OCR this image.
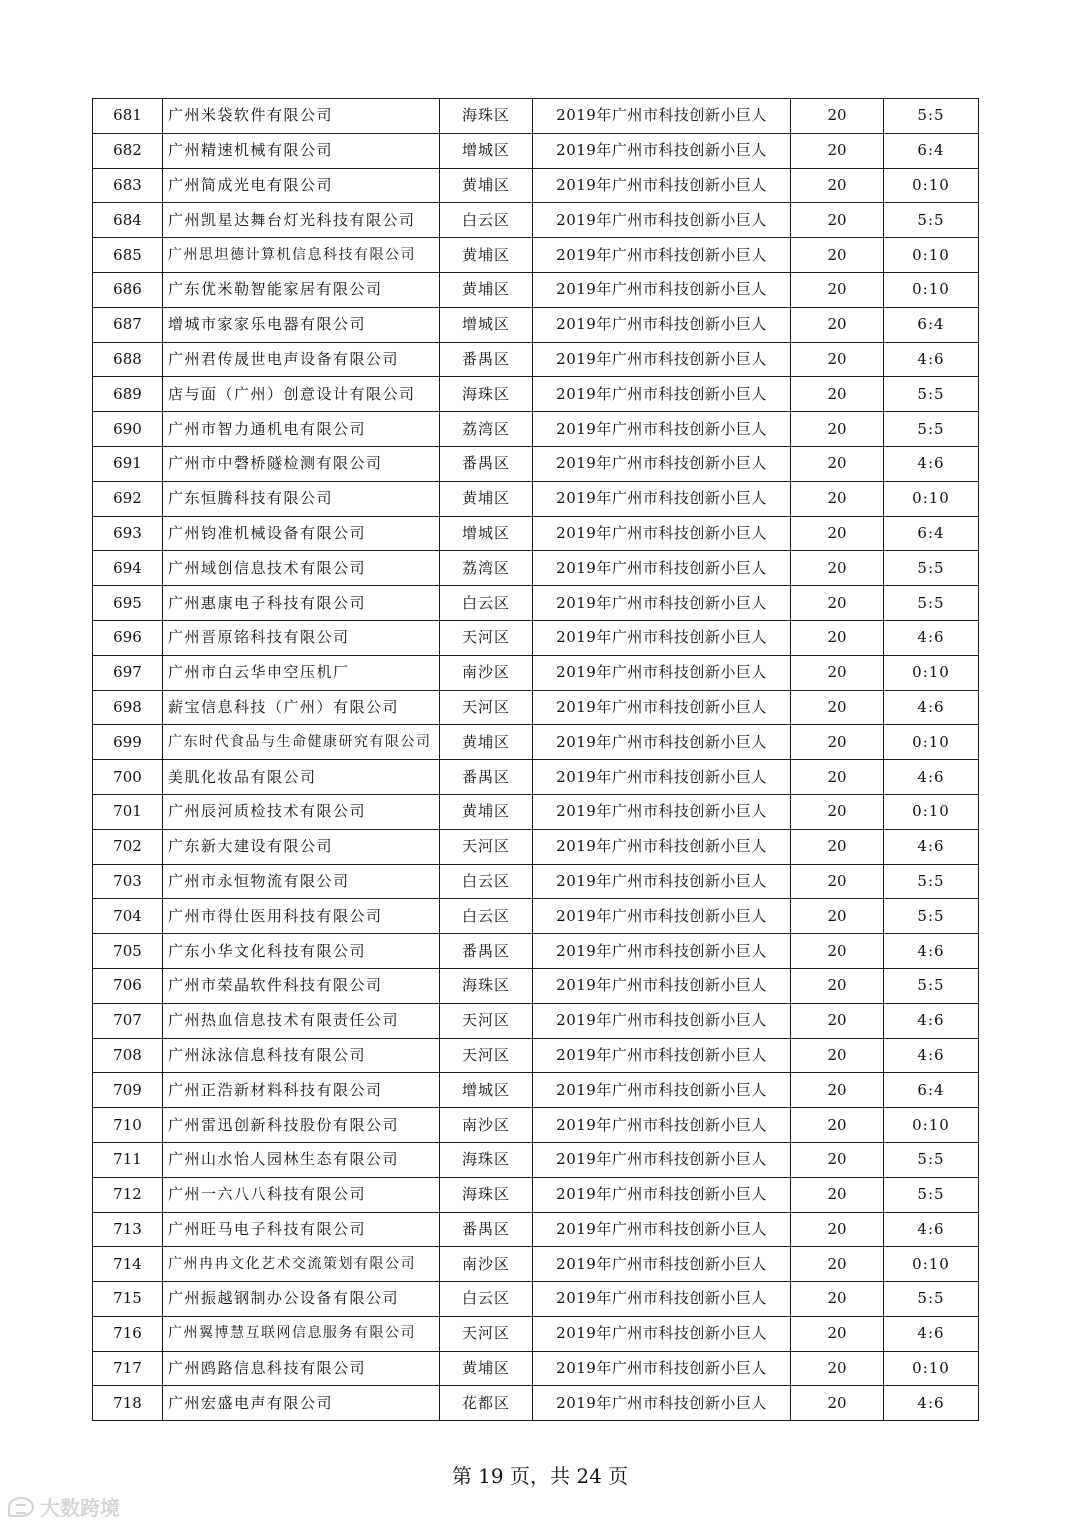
681	广州米袋软件有限公司	海珠区	2019年广州市科技创新小巨人	20	5:5
682	广州精速机械有限公司	增城区	2019年广州市科技创新小巨人	20	6:4
683	广州简成光电有限公司	黄埔区	2019年广州市科技创新小巨人	20	0:10
684	广州凯星达舞台灯光科技有限公司	白云区	2019年广州市科技创新小巨人	20	5:5
685	广州思坦德计算机信息科技有限公司	黄埔区	2019年广州市科技创新小巨人	20	0:10
686	广东优米勒智能家居有限公司	黄埔区	2019年广州市科技创新小巨人	20	0:10
687	增城市家家乐电器有限公司	增城区	2019年广州市科技创新小巨人	20	6:4
688	广州君传晟世电声设备有限公司	番禺区	2019年广州市科技创新小巨人	20	4:6
689	店与面（广州）创意设计有限公司	海珠区	2019年广州市科技创新小巨人	20	5:5
690	广州市智力通机电有限公司	荔湾区	2019年广州市科技创新小巨人	20	5:5
691	广州市中磬桥隧检测有限公司	番禺区	2019年广州市科技创新小巨人	20	4:6
692	广东恒腾科技有限公司	黄埔区	2019年广州市科技创新小巨人	20	0:10
693	广州钧准机械设备有限公司	增城区	2019年广州市科技创新小巨人	20	6:4
694	广州域创信息技术有限公司	荔湾区	2019年广州市科技创新小巨人	20	5:5
695	广州惠康电子科技有限公司	白云区	2019年广州市科技创新小巨人	20	5:5
696	广州晋原铭科技有限公司	天河区	2019年广州市科技创新小巨人	20	4:6
697	广州市白云华申空压机厂	南沙区	2019年广州市科技创新小巨人	20	0:10
698	薪宝信息科技（广州）有限公司	天河区	2019年广州市科技创新小巨人	20	4:6
699	广东时代食品与生命健康研究有限公司	黄埔区	2019年广州市科技创新小巨人	20	0:10
700	美肌化妆品有限公司	番禺区	2019年广州市科技创新小巨人	20	4:6
701	广州辰河质检技术有限公司	黄埔区	2019年广州市科技创新小巨人	20	0:10
702	广东新大建设有限公司	天河区	2019年广州市科技创新小巨人	20	4:6
703	广州市永恒物流有限公司	白云区	2019年广州市科技创新小巨人	20	5:5
704	广州市得仕医用科技有限公司	白云区	2019年广州市科技创新小巨人	20	5:5
705	广东小华文化科技有限公司	番禺区	2019年广州市科技创新小巨人	20	4:6
706	广州市荣晶软件科技有限公司	海珠区	2019年广州市科技创新小巨人	20	5:5
707	广州热血信息技术有限责任公司	天河区	2019年广州市科技创新小巨人	20	4:6
708	广州泳泳信息科技有限公司	天河区	2019年广州市科技创新小巨人	20	4:6
709	广州正浩新材料科技有限公司	增城区	2019年广州市科技创新小巨人	20	6:4
710	广州雷迅创新科技股份有限公司	南沙区	2019年广州市科技创新小巨人	20	0:10
711	广州山水怡人园林生态有限公司	海珠区	2019年广州市科技创新小巨人	20	5:5
712	广州一六八八科技有限公司	海珠区	2019年广州市科技创新小巨人	20	5:5
713	广州旺马电子科技有限公司	番禺区	2019年广州市科技创新小巨人	20	4:6
714	广州冉冉文化艺术交流策划有限公司	南沙区	2019年广州市科技创新小巨人	20	0:10
715	广州振越钢制办公设备有限公司	白云区	2019年广州市科技创新小巨人	20	5:5
716	广州翼博慧互联网信息服务有限公司	天河区	2019年广州市科技创新小巨人	20	4:6
717	广州鸥路信息科技有限公司	黄埔区	2019年广州市科技创新小巨人	20	0:10
718	广州宏盛电声有限公司	花都区	2019年广州市科技创新小巨人	20	4:6
第 19 页，共 24 页
大数跨境
